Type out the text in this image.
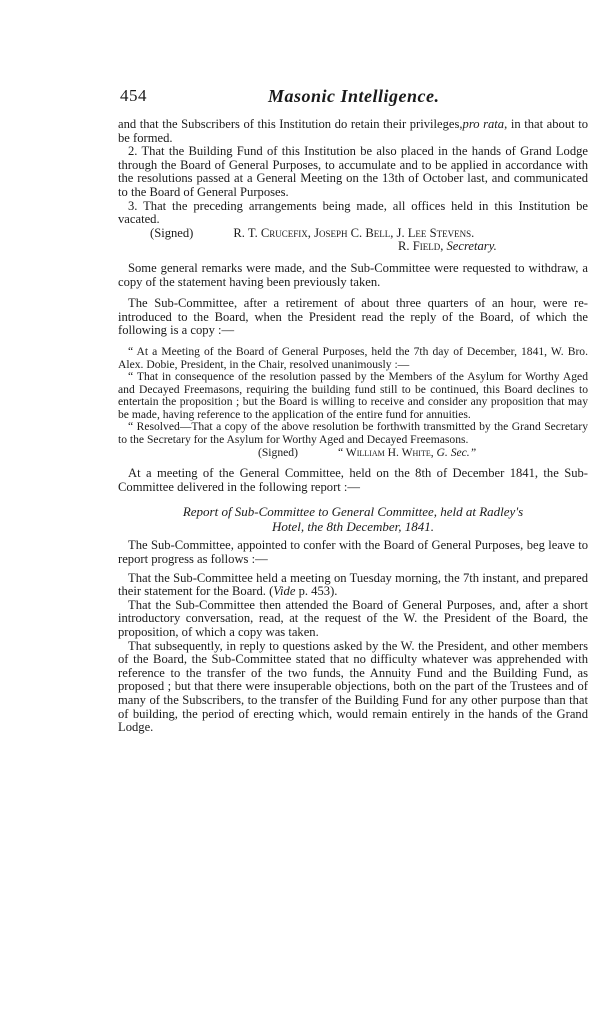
454	Masonic Intelligence.

and that the Subscribers of this Institution do retain their privileges,pro rata, in that about to be formed.

2. That the Building Fund of this Institution be also placed in the hands of Grand Lodge through the Board of General Purposes, to accumulate and to be applied in accordance with the resolutions passed at a General Meeting on the 13th of October last, and communicated to the Board of General Purposes.

3. That the preceding arrangements being made, all offices held in this Institution be vacated.

(Signed)	R. T. Crucefix, Joseph C. Bell, J. Lee Stevens.

R. Field, Secretary.

Some general remarks were made, and the Sub-Committee were requested to withdraw, a copy of the statement having been previously taken.

The Sub-Committee, after a retirement of about three quarters of an hour, were re-introduced to the Board, when the President read the reply of the Board, of which the following is a copy :—

“ At a Meeting of the Board of General Purposes, held the 7th day of December, 1841, W. Bro. Alex. Dobie, President, in the Chair, resolved unanimously :—

“ That in consequence of the resolution passed by the Members of the Asylum for Worthy Aged and Decayed Freemasons, requiring the building fund still to be continued, this Board declines to entertain the proposition ; but the Board is willing to receive and consider any proposition that may be made, having reference to the application of the entire fund for annuities.

“ Resolved—That a copy of the above resolution be forthwith transmitted by the Grand Secretary to the Secretary for the Asylum for Worthy Aged and Decayed Freemasons.

(Signed)	“ William H. White, G. Sec.”

At a meeting of the General Committee, held on the 8th of December 1841, the Sub-Committee delivered in the following report :—

Report of Sub-Committee to General Committee, held at Radley's
Hotel, the 8th December, 1841.

The Sub-Committee, appointed to confer with the Board of General Purposes, beg leave to report progress as follows :—

That the Sub-Committee held a meeting on Tuesday morning, the 7th instant, and prepared their statement for the Board. (Vide p. 453).

That the Sub-Committee then attended the Board of General Purposes, and, after a short introductory conversation, read, at the request of the W. the President of the Board, the proposition, of which a copy was taken.

That subsequently, in reply to questions asked by the W. the President, and other members of the Board, the Sub-Committee stated that no difficulty whatever was apprehended with reference to the transfer of the two funds, the Annuity Fund and the Building Fund, as proposed ; but that there were insuperable objections, both on the part of the Trustees and of many of the Subscribers, to the transfer of the Building Fund for any other purpose than that of building, the period of erecting which, would remain entirely in the hands of the Grand Lodge.
